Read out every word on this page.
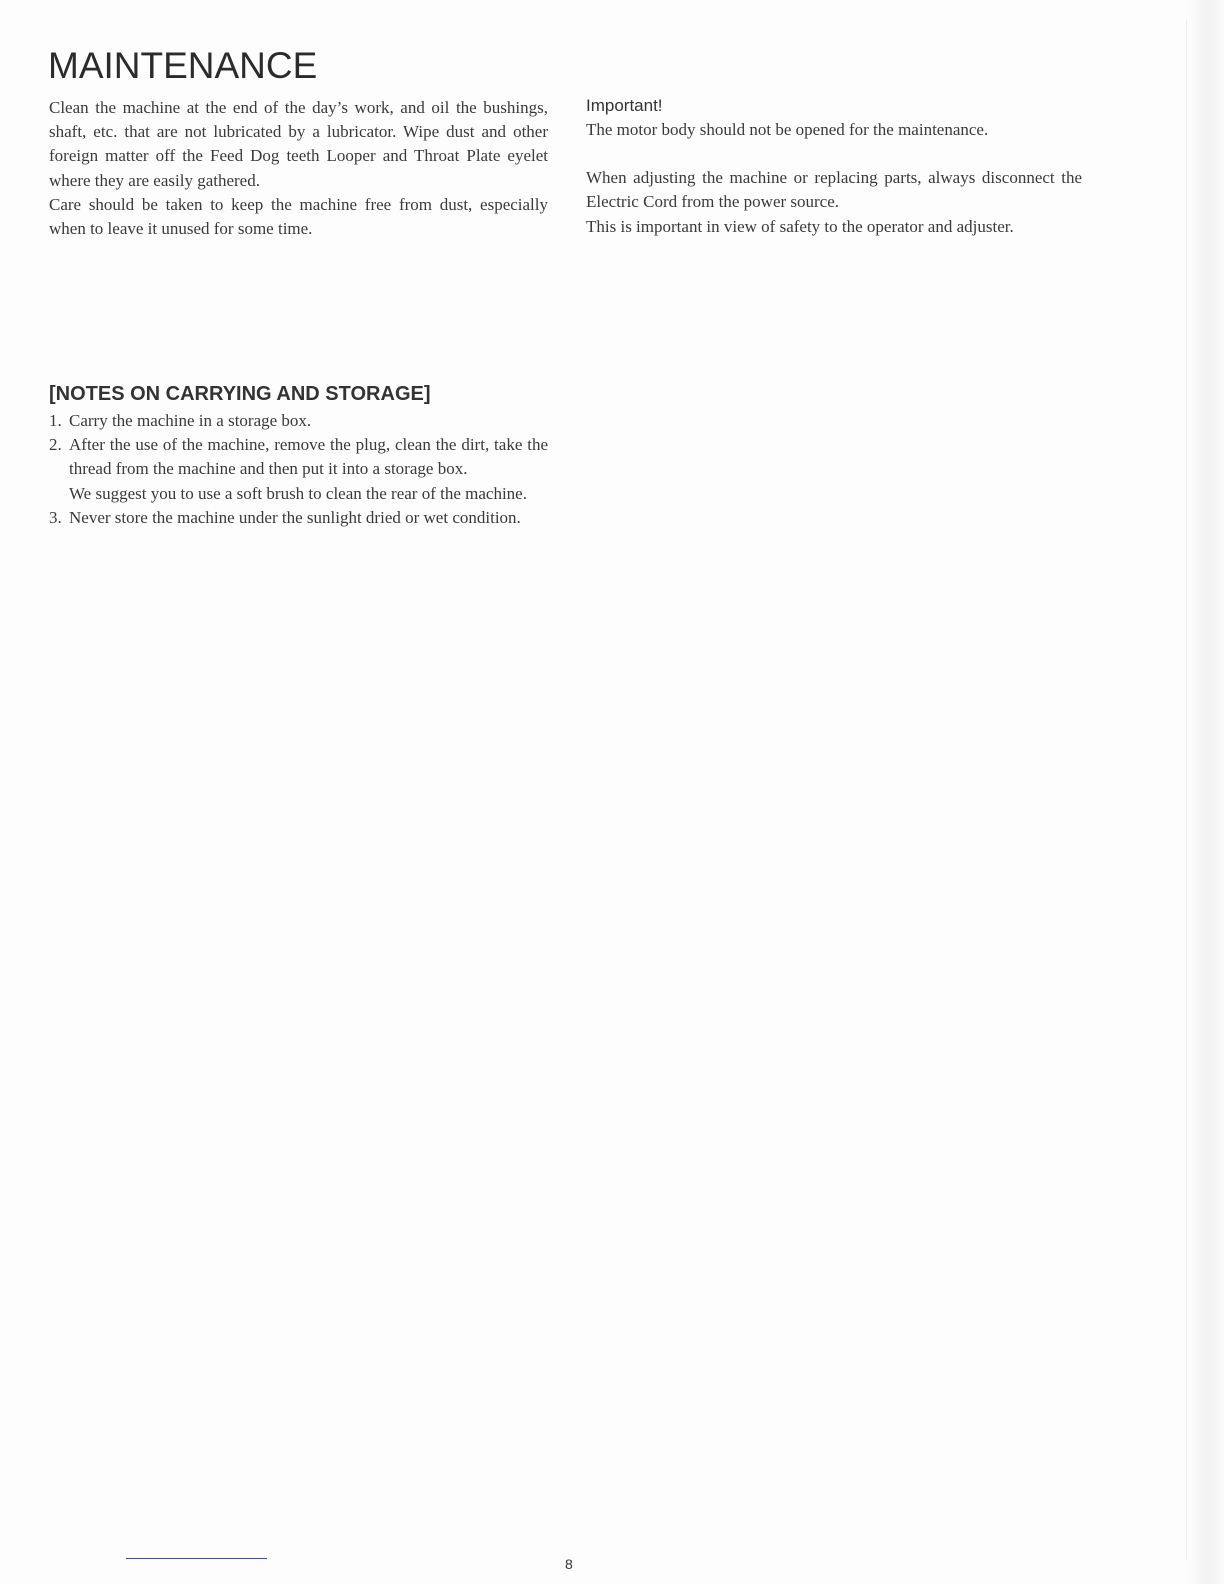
MAINTENANCE

Clean the machine at the end of the day’s work, and oil the bushings, shaft, etc. that are not lubricated by a lubricator. Wipe dust and other foreign matter off the Feed Dog teeth Looper and Throat Plate eyelet where they are easily gathered.

Care should be taken to keep the machine free from dust, especially when to leave it unused for some time.

Important!

The motor body should not be opened for the maintenance.

When adjusting the machine or replacing parts, always disconnect the Electric Cord from the power source.

This is important in view of safety to the operator and adjuster.

[NOTES ON CARRYING AND STORAGE]
1. Carry the machine in a storage box.

2. After the use of the machine, remove the plug, clean the dirt, take the thread from the machine and then put it into a storage box.

We suggest you to use a soft brush to clean the rear of the machine.

3. Never store the machine under the sunlight dried or wet condition.

8
